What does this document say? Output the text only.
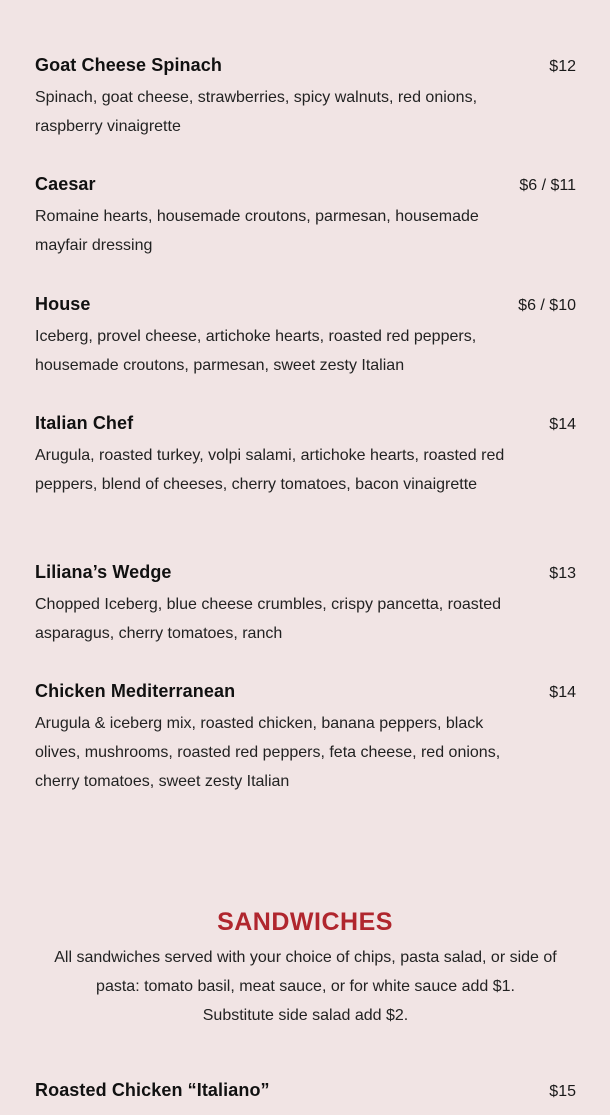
Goat Cheese Spinach	$12
Spinach, goat cheese, strawberries, spicy walnuts, red onions, raspberry vinaigrette
Caesar	$6 / $11
Romaine hearts, housemade croutons, parmesan, housemade mayfair dressing
House	$6 / $10
Iceberg, provel cheese, artichoke hearts, roasted red peppers, housemade croutons, parmesan, sweet zesty Italian
Italian Chef	$14
Arugula, roasted turkey, volpi salami, artichoke hearts, roasted red peppers, blend of cheeses, cherry tomatoes, bacon vinaigrette
Liliana’s Wedge	$13
Chopped Iceberg, blue cheese crumbles, crispy pancetta, roasted asparagus, cherry tomatoes, ranch
Chicken Mediterranean	$14
Arugula & iceberg mix, roasted chicken, banana peppers, black olives, mushrooms, roasted red peppers, feta cheese, red onions, cherry tomatoes, sweet zesty Italian
SANDWICHES
All sandwiches served with your choice of chips, pasta salad, or side of pasta: tomato basil, meat sauce, or for white sauce add $1.
Substitute side salad add $2.
Roasted Chicken “Italiano”	$15
